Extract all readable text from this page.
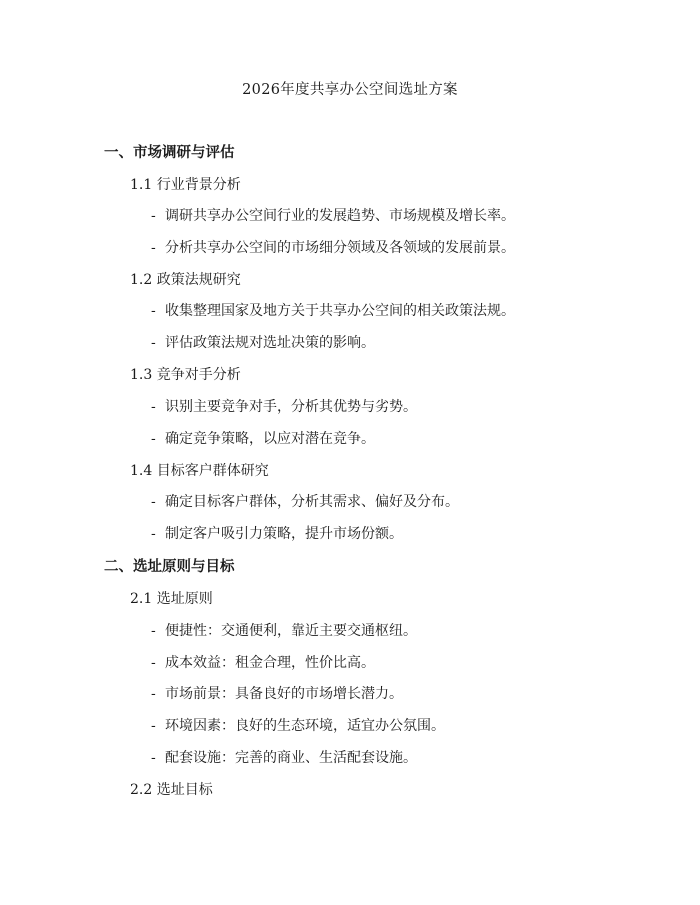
2026年度共享办公空间选址方案
一、市场调研与评估
1.1 行业背景分析
- 调研共享办公空间行业的发展趋势、市场规模及增长率。
- 分析共享办公空间的市场细分领域及各领域的发展前景。
1.2 政策法规研究
- 收集整理国家及地方关于共享办公空间的相关政策法规。
- 评估政策法规对选址决策的影响。
1.3 竞争对手分析
- 识别主要竞争对手，分析其优势与劣势。
- 确定竞争策略，以应对潜在竞争。
1.4 目标客户群体研究
- 确定目标客户群体，分析其需求、偏好及分布。
- 制定客户吸引力策略，提升市场份额。
二、选址原则与目标
2.1 选址原则
- 便捷性：交通便利，靠近主要交通枢纽。
- 成本效益：租金合理，性价比高。
- 市场前景：具备良好的市场增长潜力。
- 环境因素：良好的生态环境，适宜办公氛围。
- 配套设施：完善的商业、生活配套设施。
2.2 选址目标
